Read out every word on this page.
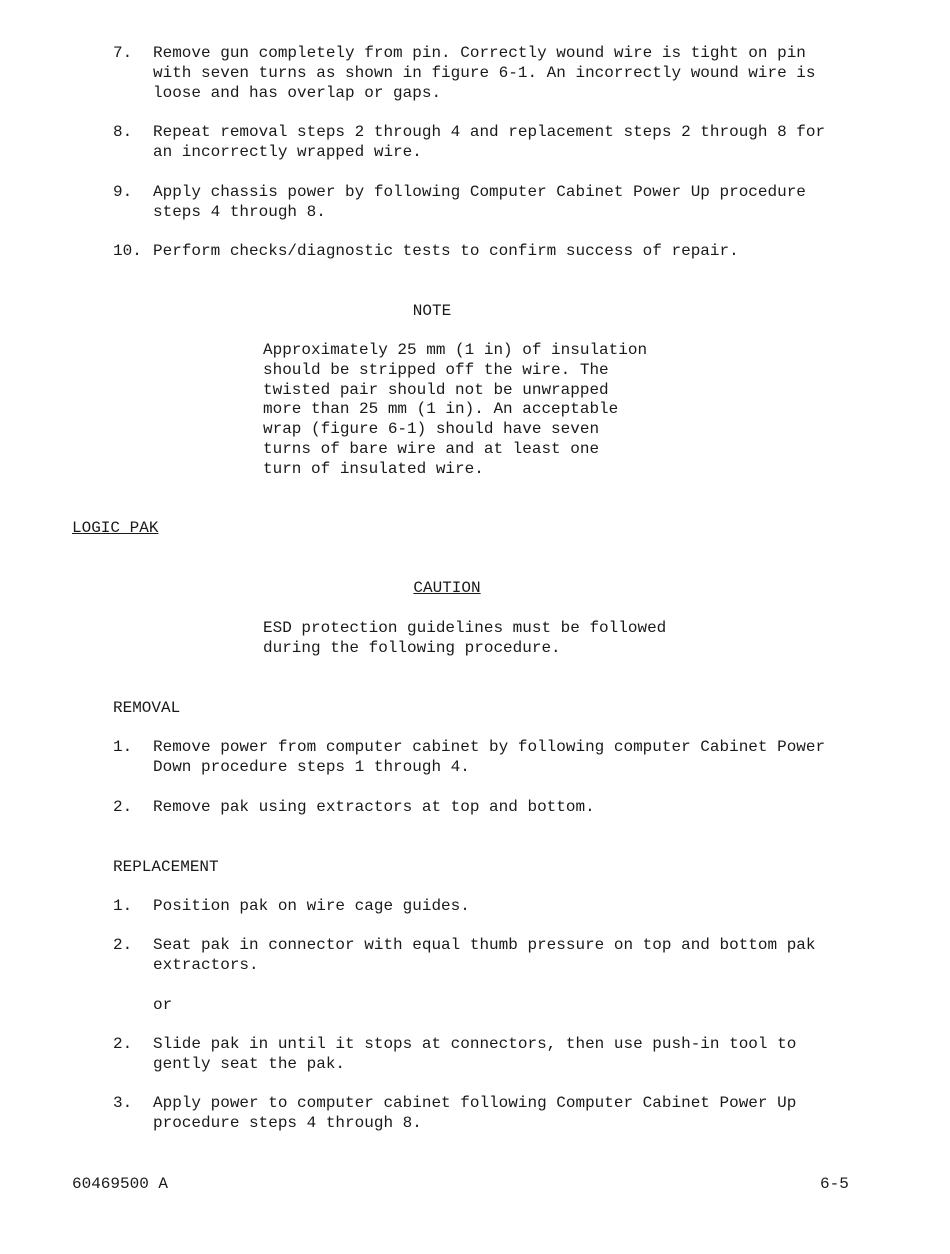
7. Remove gun completely from pin. Correctly wound wire is tight on pin
with seven turns as shown in figure 6-1. An incorrectly wound wire is
loose and has overlap or gaps.
8. Repeat removal steps 2 through 4 and replacement steps 2 through 8 for
an incorrectly wrapped wire.
9. Apply chassis power by following Computer Cabinet Power Up procedure
steps 4 through 8.
10. Perform checks/diagnostic tests to confirm success of repair.
NOTE
Approximately 25 mm (1 in) of insulation
should be stripped off the wire. The
twisted pair should not be unwrapped
more than 25 mm (1 in). An acceptable
wrap (figure 6-1) should have seven
turns of bare wire and at least one
turn of insulated wire.
LOGIC PAK
CAUTION
ESD protection guidelines must be followed
during the following procedure.
REMOVAL
1. Remove power from computer cabinet by following computer Cabinet Power
Down procedure steps 1 through 4.
2. Remove pak using extractors at top and bottom.
REPLACEMENT
1. Position pak on wire cage guides.
2. Seat pak in connector with equal thumb pressure on top and bottom pak
extractors.
or
2. Slide pak in until it stops at connectors, then use push-in tool to
gently seat the pak.
3. Apply power to computer cabinet following Computer Cabinet Power Up
procedure steps 4 through 8.
60469500 A	6-5
